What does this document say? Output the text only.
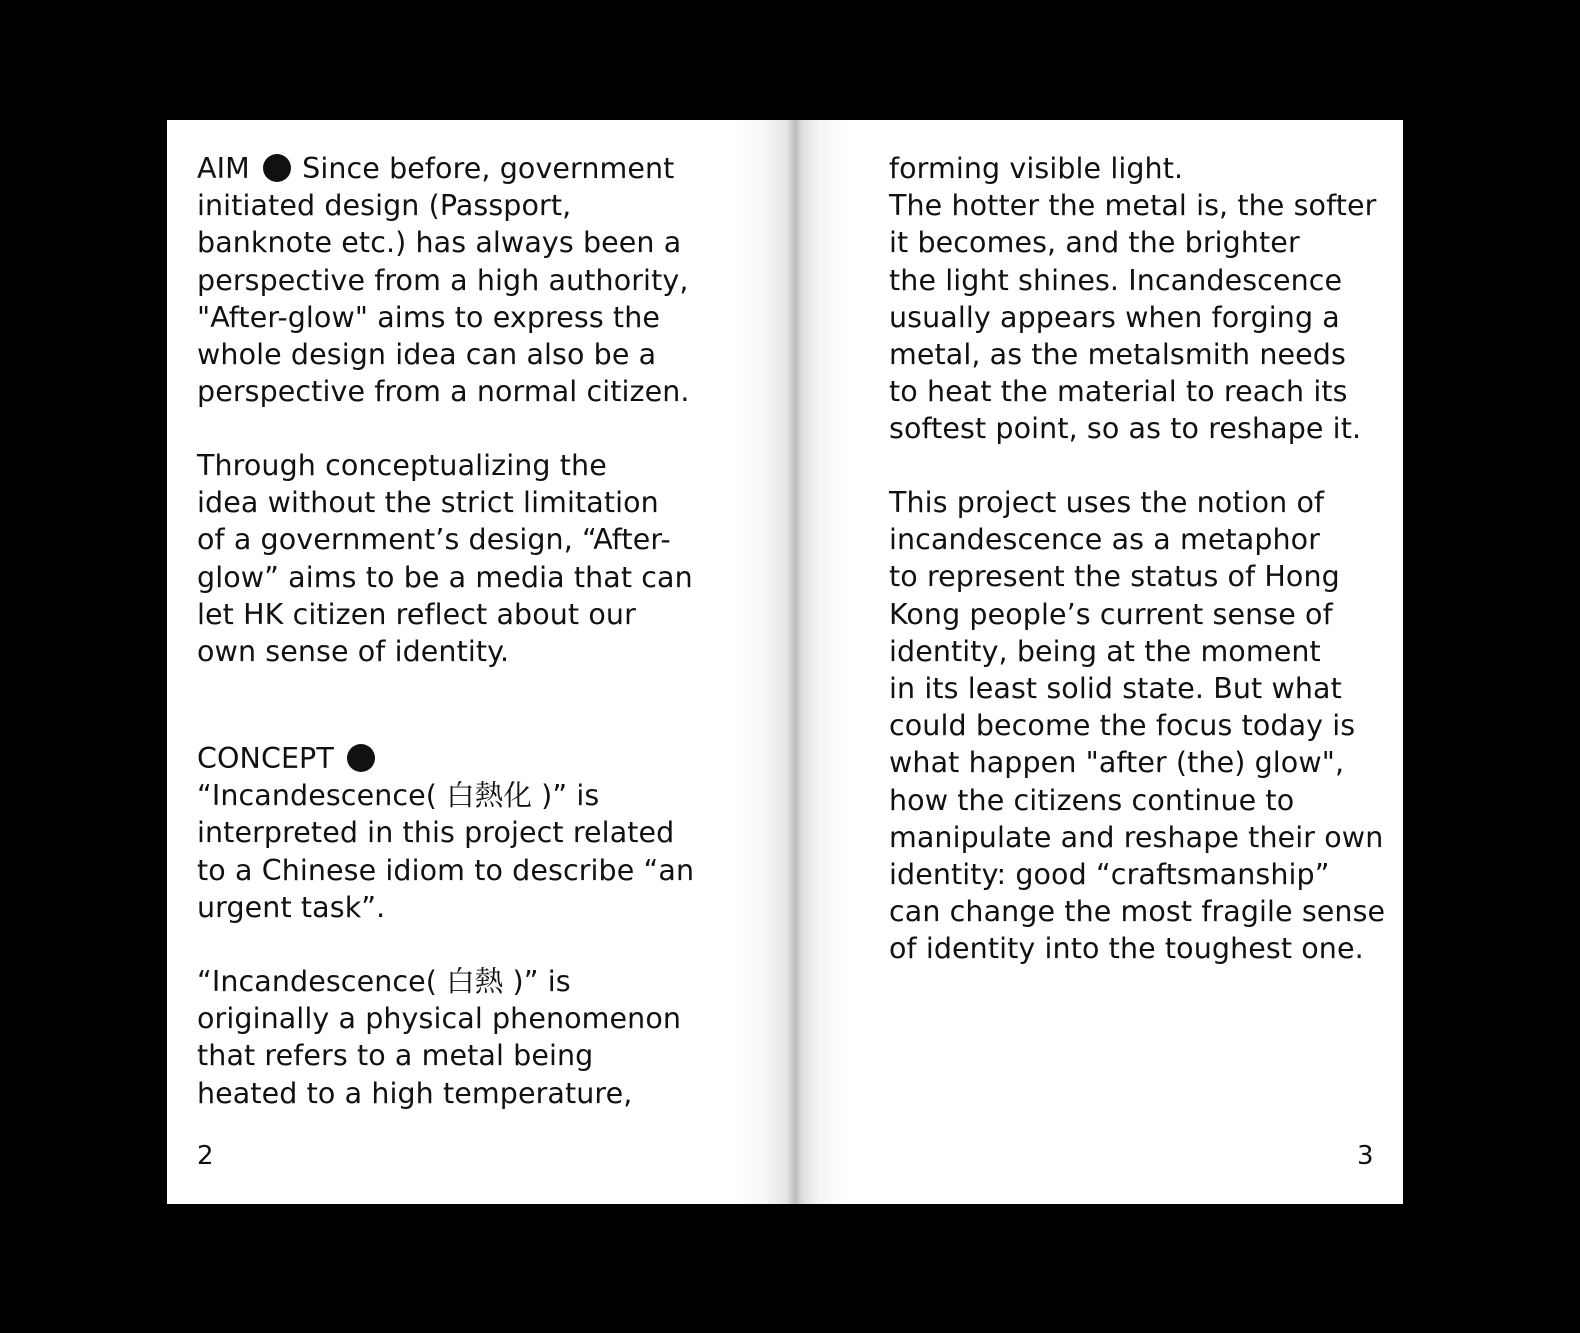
AIM Since before, government
initiated design (Passport,
banknote etc.) has always been a
perspective from a high authority,
"After-glow" aims to express the
whole design idea can also be a
perspective from a normal citizen.
Through conceptualizing the
idea without the strict limitation
of a government’s design, “After-
glow” aims to be a media that can
let HK citizen reflect about our
own sense of identity.
CONCEPT
“Incandescence( 白熱化 )” is
interpreted in this project related
to a Chinese idiom to describe “an
urgent task”.
“Incandescence( 白熱 )” is
originally a physical phenomenon
that refers to a metal being
heated to a high temperature,
2
forming visible light.
The hotter the metal is, the softer
it becomes, and the brighter
the light shines. Incandescence
usually appears when forging a
metal, as the metalsmith needs
to heat the material to reach its
softest point, so as to reshape it.
This project uses the notion of
incandescence as a metaphor
to represent the status of Hong
Kong people’s current sense of
identity, being at the moment
in its least solid state. But what
could become the focus today is
what happen "after (the) glow",
how the citizens continue to
manipulate and reshape their own
identity: good “craftsmanship”
can change the most fragile sense
of identity into the toughest one.
3
